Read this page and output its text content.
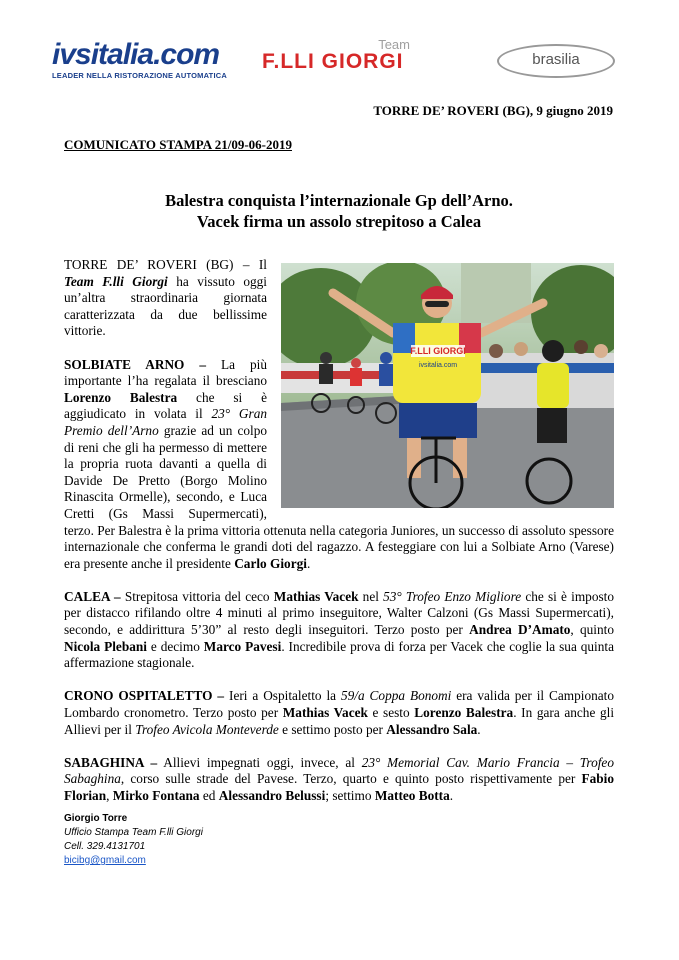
ivsitalia.com
LEADER NELLA RISTORAZIONE AUTOMATICA
Team
F.LLI GIORGI	brasilia
TORRE DE’ ROVERI (BG), 9 giugno 2019
COMUNICATO STAMPA 21/09-06-2019
Balestra conquista l’internazionale Gp dell’Arno.
Vacek firma un assolo strepitoso a Calea
F.LLI GIORGI
ivsitalia.com

TORRE DE’ ROVERI (BG) – Il Team F.lli Giorgi ha vissuto oggi un’altra straordinaria giornata caratterizzata da due bellissime vittorie.

SOLBIATE ARNO – La più importante l’ha regalata il bresciano Lorenzo Balestra che si è aggiudicato in volata il 23° Gran Premio dell’Arno grazie ad un colpo di reni che gli ha permesso di mettere la propria ruota davanti a quella di Davide De Pretto (Borgo Molino Rinascita Ormelle), secondo, e Luca Cretti (Gs Massi Supermercati), terzo. Per Balestra è la prima vittoria ottenuta nella categoria Juniores, un successo di assoluto spessore internazionale che conferma le grandi doti del ragazzo. A festeggiare con lui a Solbiate Arno (Varese) era presente anche il presidente Carlo Giorgi.

CALEA – Strepitosa vittoria del ceco Mathias Vacek nel 53° Trofeo Enzo Migliore che si è imposto per distacco rifilando oltre 4 minuti al primo inseguitore, Walter Calzoni (Gs Massi Supermercati), secondo, e addirittura 5’30” al resto degli inseguitori. Terzo posto per Andrea D’Amato, quinto Nicola Plebani e decimo Marco Pavesi. Incredibile prova di forza per Vacek che coglie la sua quinta affermazione stagionale.

CRONO OSPITALETTO – Ieri a Ospitaletto la 59/a Coppa Bonomi era valida per il Campionato Lombardo cronometro. Terzo posto per Mathias Vacek e sesto Lorenzo Balestra. In gara anche gli Allievi per il Trofeo Avicola Monteverde e settimo posto per Alessandro Sala.

SABAGHINA – Allievi impegnati oggi, invece, al 23° Memorial Cav. Mario Francia – Trofeo Sabaghina, corso sulle strade del Pavese. Terzo, quarto e quinto posto rispettivamente per Fabio Florian, Mirko Fontana ed Alessandro Belussi; settimo Matteo Botta.

Giorgio Torre
Ufficio Stampa Team F.lli Giorgi
Cell. 329.4131701
bicibg@gmail.com
